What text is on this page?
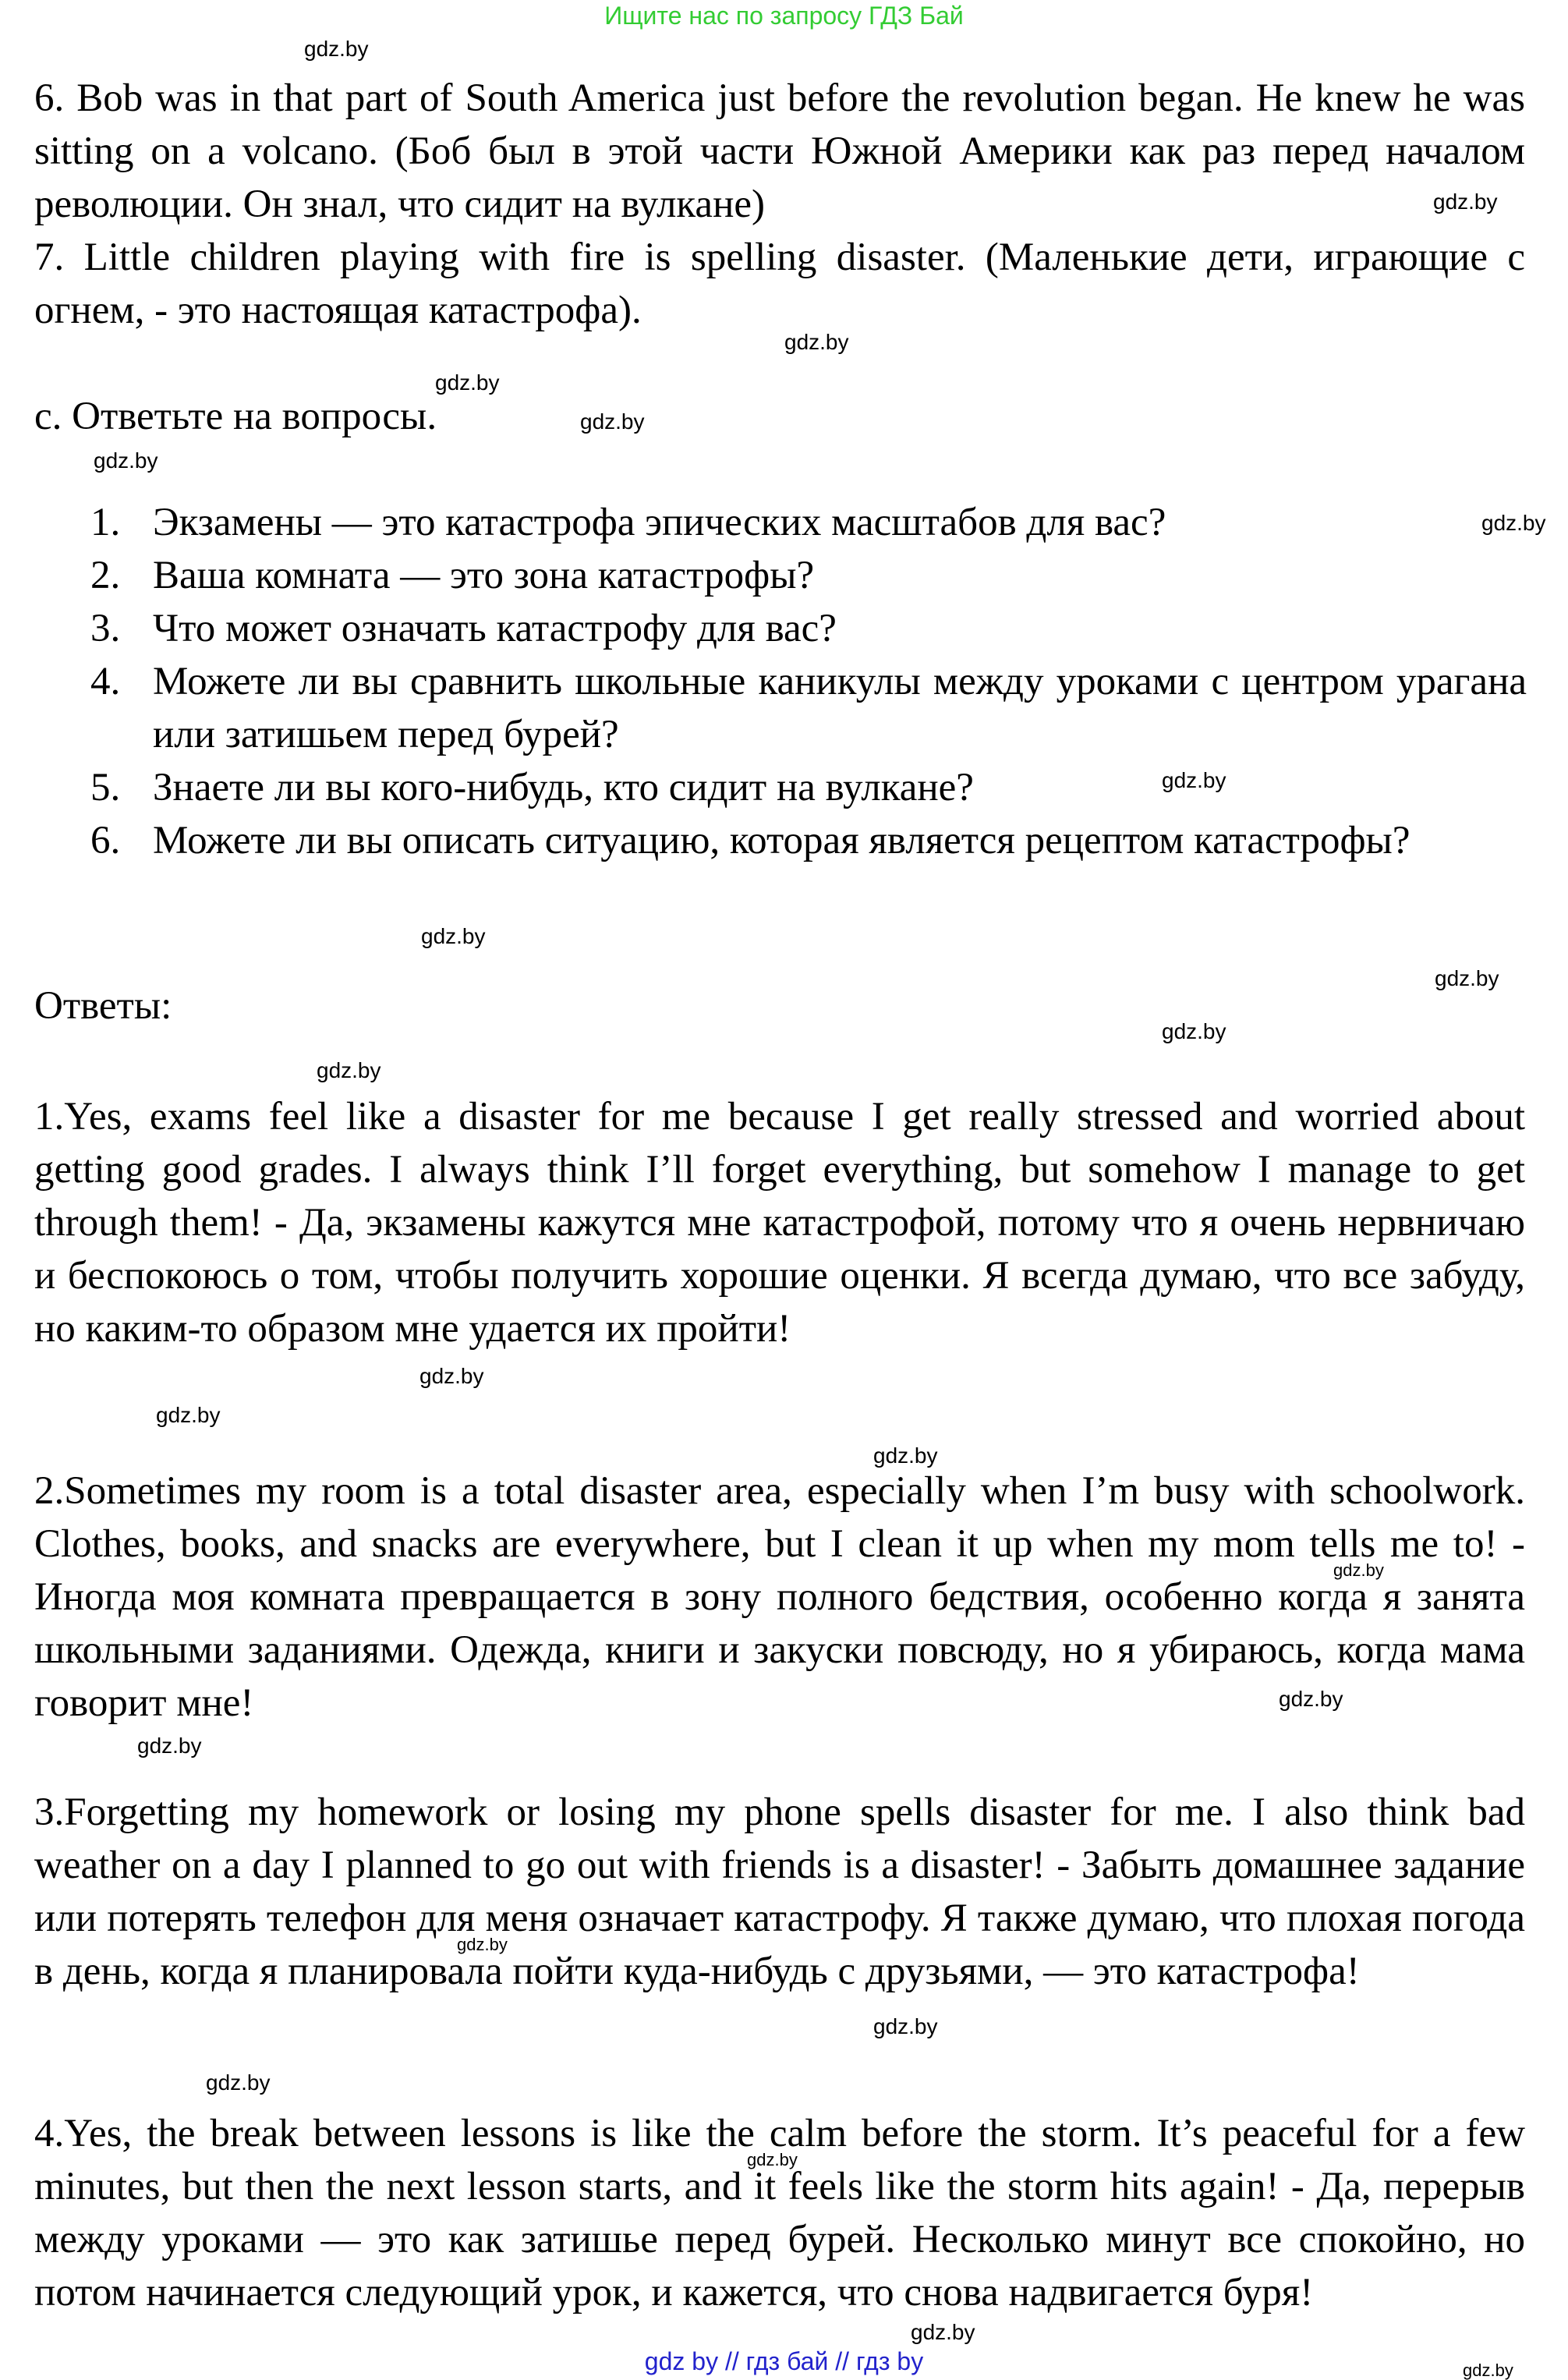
Ищите нас по запросу ГДЗ Бай
gdz.by
gdz.by
gdz.by
gdz.by
gdz.by
gdz.by
gdz.by
gdz.by
gdz.by
gdz.by
gdz.by
gdz.by
gdz.by
gdz.by
gdz.by
gdz.by
gdz.by
gdz.by
gdz.by
gdz.by
gdz.by
gdz.by
gdz.by
gdz.by
6. Bob was in that part of South America just before the revolution began. He knew he was sitting on a volcano. (Боб был в этой части Южной Америки как раз перед началом революции. Он знал, что сидит на вулкане)
7. Little children playing with fire is spelling disaster. (Маленькие дети, играющие с огнем, - это настоящая катастрофа).
c. Ответьте на вопросы.
1. Экзамены — это катастрофа эпических масштабов для вас?
2. Ваша комната — это зона катастрофы?
3. Что может означать катастрофу для вас?
4. Можете ли вы сравнить школьные каникулы между уроками с центром урагана или затишьем перед бурей?
5. Знаете ли вы кого-нибудь, кто сидит на вулкане?
6. Можете ли вы описать ситуацию, которая является рецептом катастрофы?
Ответы:
1.Yes, exams feel like a disaster for me because I get really stressed and worried about getting good grades. I always think I’ll forget everything, but somehow I manage to get through them! - Да, экзамены кажутся мне катастрофой, потому что я очень нервничаю и беспокоюсь о том, чтобы получить хорошие оценки. Я всегда думаю, что все забуду, но каким-то образом мне удается их пройти!
2.Sometimes my room is a total disaster area, especially when I’m busy with schoolwork. Clothes, books, and snacks are everywhere, but I clean it up when my mom tells me to! - Иногда моя комната превращается в зону полного бедствия, особенно когда я занята школьными заданиями. Одежда, книги и закуски повсюду, но я убираюсь, когда мама говорит мне!
3.Forgetting my homework or losing my phone spells disaster for me. I also think bad weather on a day I planned to go out with friends is a disaster! - Забыть домашнее задание или потерять телефон для меня означает катастрофу. Я также думаю, что плохая погода в день, когда я планировала пойти куда-нибудь с друзьями, — это катастрофа!
4.Yes, the break between lessons is like the calm before the storm. It’s peaceful for a few minutes, but then the next lesson starts, and it feels like the storm hits again! - Да, перерыв между уроками — это как затишье перед бурей. Несколько минут все спокойно, но потом начинается следующий урок, и кажется, что снова надвигается буря!
gdz by // гдз бай // гдз by
